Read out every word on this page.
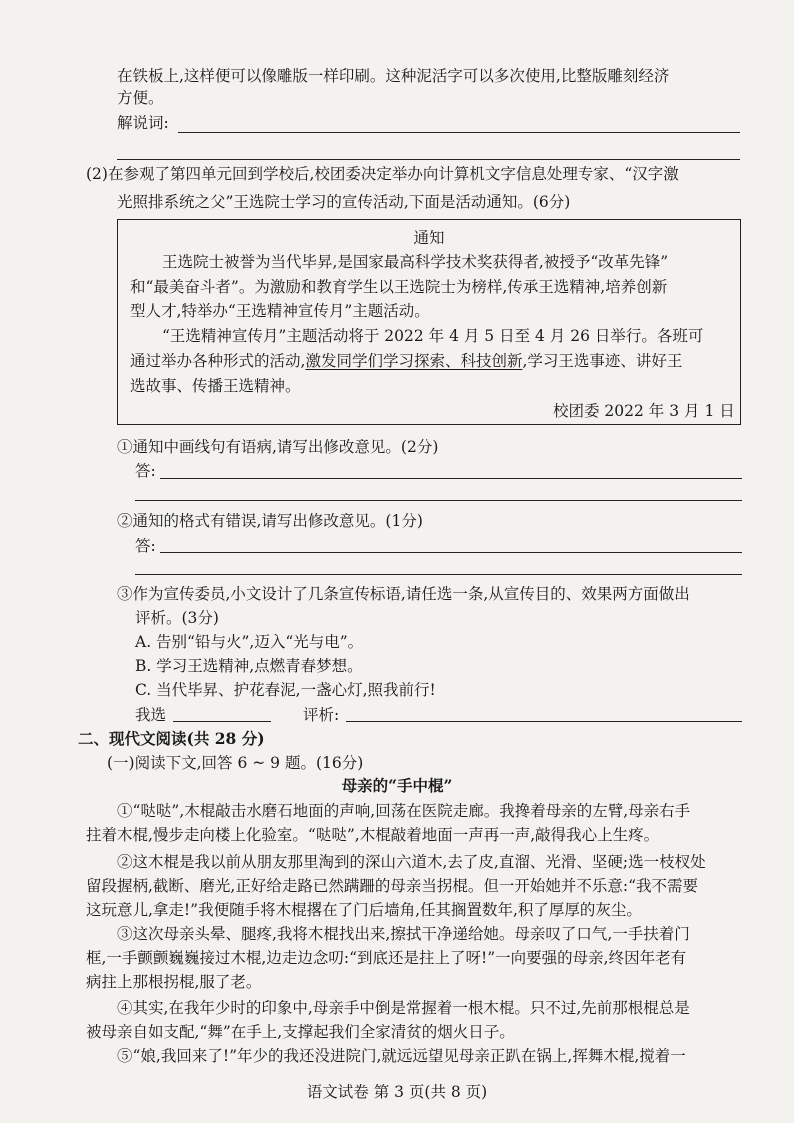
在铁板上,这样便可以像雕版一样印刷。这种泥活字可以多次使用,比整版雕刻经济
方便。
解说词:
(2)在参观了第四单元回到学校后,校团委决定举办向计算机文字信息处理专家、“汉字激
光照排系统之父”王选院士学习的宣传活动,下面是活动通知。(6分)
通知
王选院士被誉为当代毕昇,是国家最高科学技术奖获得者,被授予“改革先锋”
和“最美奋斗者”。为激励和教育学生以王选院士为榜样,传承王选精神,培养创新
型人才,特举办“王选精神宣传月”主题活动。
“王选精神宣传月”主题活动将于 2022 年 4 月 5 日至 4 月 26 日举行。各班可
通过举办各种形式的活动,激发同学们学习探索、科技创新,学习王选事迹、讲好王
选故事、传播王选精神。
校团委 2022 年 3 月 1 日
①通知中画线句有语病,请写出修改意见。(2分)
答:
②通知的格式有错误,请写出修改意见。(1分)
答:
③作为宣传委员,小文设计了几条宣传标语,请任选一条,从宣传目的、效果两方面做出
评析。(3分)
A. 告别“铅与火”,迈入“光与电”。
B. 学习王选精神,点燃青春梦想。
C. 当代毕昇、护花春泥,一盏心灯,照我前行!
我选	评析:
二、现代文阅读(共 28 分)
(一)阅读下文,回答 6 ~ 9 题。(16分)
母亲的“手中棍”
①“哒哒”,木棍敲击水磨石地面的声响,回荡在医院走廊。我搀着母亲的左臂,母亲右手
拄着木棍,慢步走向楼上化验室。“哒哒”,木棍敲着地面一声再一声,敲得我心上生疼。
②这木棍是我以前从朋友那里淘到的深山六道木,去了皮,直溜、光滑、坚硬;选一枝杈处
留段握柄,截断、磨光,正好给走路已然蹒跚的母亲当拐棍。但一开始她并不乐意:“我不需要
这玩意儿,拿走!”我便随手将木棍撂在了门后墙角,任其搁置数年,积了厚厚的灰尘。
③这次母亲头晕、腿疼,我将木棍找出来,擦拭干净递给她。母亲叹了口气,一手扶着门
框,一手颤颤巍巍接过木棍,边走边念叨:“到底还是拄上了呀!”一向要强的母亲,终因年老有
病拄上那根拐棍,服了老。
④其实,在我年少时的印象中,母亲手中倒是常握着一根木棍。只不过,先前那根棍总是
被母亲自如支配,“舞”在手上,支撑起我们全家清贫的烟火日子。
⑤“娘,我回来了!”年少的我还没进院门,就远远望见母亲正趴在锅上,挥舞木棍,搅着一
语文试卷 第 3 页(共 8 页)
